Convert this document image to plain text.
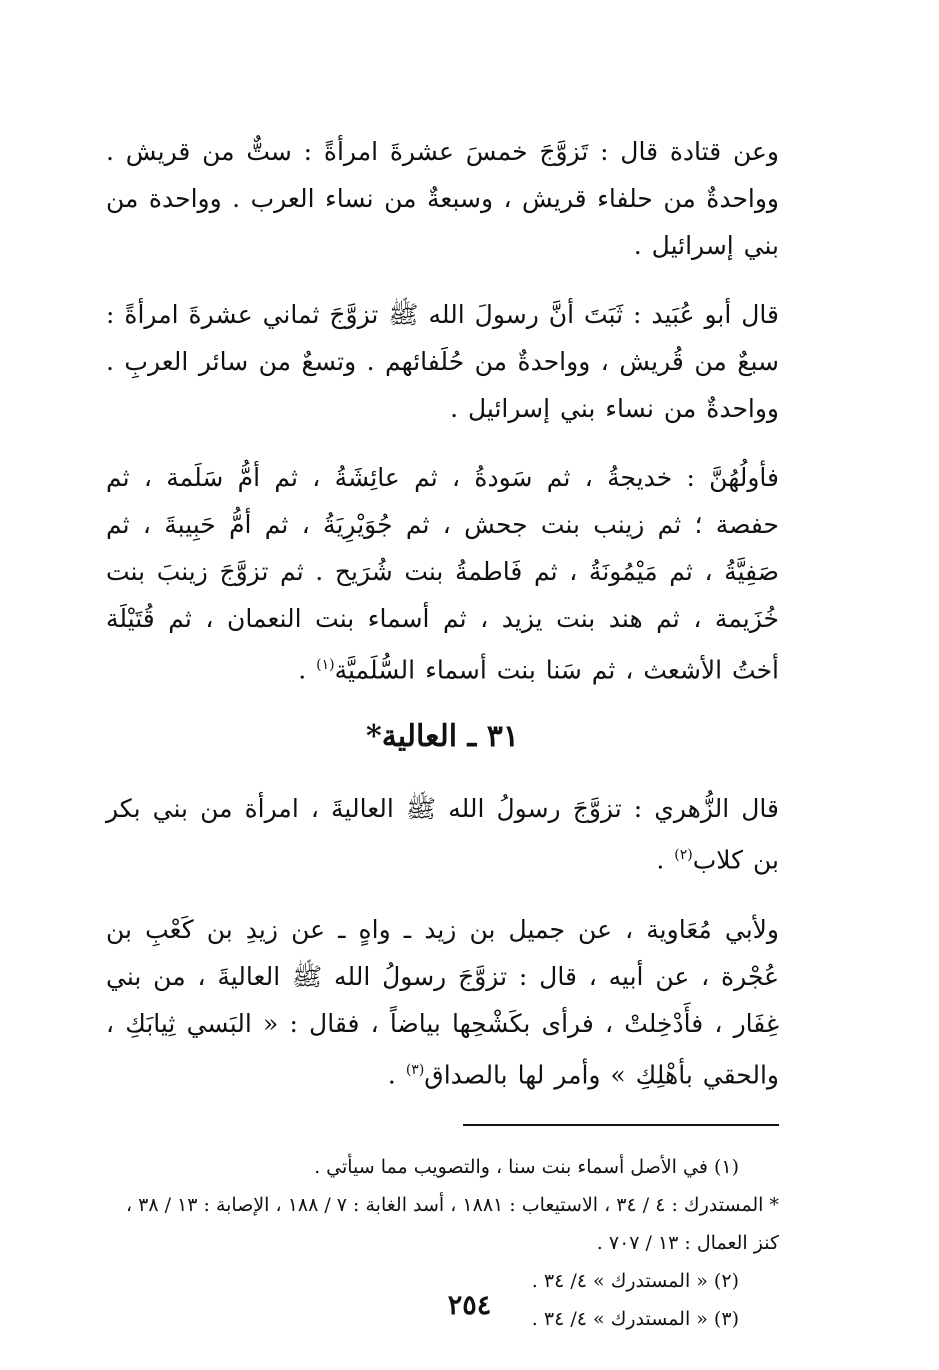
وعن قتادة قال : تَزوَّجَ خمسَ عشرةَ امرأةً : ستٌّ من قريش . وواحدةٌ من حلفاء قريش ، وسبعةٌ من نساء العرب . وواحدة من بني إسرائيل .

قال أبو عُبَيد : ثَبَتَ أنَّ رسولَ الله ﷺ تزوَّجَ ثماني عشرةَ امرأةً : سبعٌ من قُريش ، وواحدةٌ من حُلَفائهم . وتسعٌ من سائر العربِ . وواحدةٌ من نساء بني إسرائيل .

فأولُهُنَّ : خديجةُ ، ثم سَودةُ ، ثم عائِشَةُ ، ثم أمُّ سَلَمة ، ثم حفصة ؛ ثم زينب بنت جحش ، ثم جُوَيْرِيَةُ ، ثم أمُّ حَبِيبةَ ، ثم صَفِيَّةُ ، ثم مَيْمُونَةُ ، ثم فَاطمةُ بنت شُرَيح . ثم تزوَّجَ زينبَ بنت خُزَيمة ، ثم هند بنت يزيد ، ثم أسماء بنت النعمان ، ثم قُتَيْلَة أختُ الأشعث ، ثم سَنا بنت أسماء السُّلَميَّة$^{(١)}$ .

٣١ ـ العالية*

قال الزُّهري : تزوَّجَ رسولُ الله ﷺ العاليةَ ، امرأة من بني بكر بن كلاب$^{(٢)}$ .

ولأبي مُعَاوية ، عن جميل بن زيد ـ واهٍ ـ عن زيدِ بن كَعْبِ بن عُجْرة ، عن أبيه ، قال : تزوَّجَ رسولُ الله ﷺ العاليةَ ، من بني غِفَار ، فأَدْخِلتْ ، فرأى بكَشْحِها بياضاً ، فقال : « البَسي ثِيابَكِ ، والحقي بأهْلِكِ » وأمر لها بالصداق$^{(٣)}$ .

(١) في الأصل أسماء بنت سنا ، والتصويب مما سيأتي .

* المستدرك : ٤ / ٣٤ ، الاستيعاب : ١٨٨١ ، أسد الغابة : ٧ / ١٨٨ ، الإصابة : ١٣ / ٣٨ ، كنز العمال : ١٣ / ٧٠٧ .

(٢) « المستدرك » ٤/ ٣٤ .

(٣) « المستدرك » ٤/ ٣٤ .

٢٥٤
